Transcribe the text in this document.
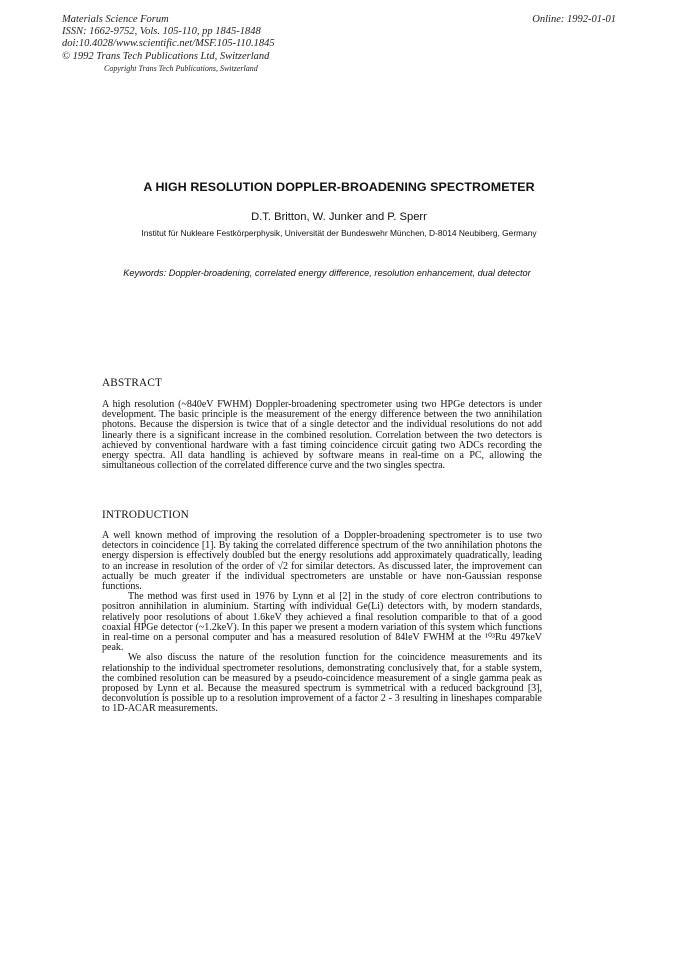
Materials Science Forum
ISSN: 1662-9752, Vols. 105-110, pp 1845-1848
doi:10.4028/www.scientific.net/MSF.105-110.1845
© 1992 Trans Tech Publications Ltd, Switzerland
Copyright Trans Tech Publications, Switzerland
Online: 1992-01-01
A HIGH RESOLUTION DOPPLER-BROADENING SPECTROMETER
D.T. Britton, W. Junker and P. Sperr
Institut für Nukleare Festkörperphysik, Universität der Bundeswehr München, D-8014 Neubiberg, Germany
Keywords: Doppler-broadening, correlated energy difference, resolution enhancement, dual detector
ABSTRACT

A high resolution (~840eV FWHM) Doppler-broadening spectrometer using two HPGe detectors is under development. The basic principle is the measurement of the energy difference between the two annihilation photons. Because the dispersion is twice that of a single detector and the individual resolutions do not add linearly there is a significant increase in the combined resolution. Correlation between the two detectors is achieved by conventional hardware with a fast timing coincidence circuit gating two ADCs recording the energy spectra. All data handling is achieved by software means in real-time on a PC, allowing the simultaneous collection of the correlated difference curve and the two singles spectra.

INTRODUCTION

A well known method of improving the resolution of a Doppler-broadening spectrometer is to use two detectors in coincidence [1]. By taking the correlated difference spectrum of the two annihilation photons the energy dispersion is effectively doubled but the energy resolutions add approximately quadratically, leading to an increase in resolution of the order of √2 for similar detectors. As discussed later, the improvement can actually be much greater if the individual spectrometers are unstable or have non-Gaussian response functions.

The method was first used in 1976 by Lynn et al [2] in the study of core electron contributions to positron annihilation in aluminium. Starting with individual Ge(Li) detectors with, by modern standards, relatively poor resolutions of about 1.6keV they achieved a final resolution comparible to that of a good coaxial HPGe detector (~1.2keV). In this paper we present a modern variation of this system which functions in real-time on a personal computer and has a measured resolution of 84leV FWHM at the ¹⁰³Ru 497keV peak.

We also discuss the nature of the resolution function for the coincidence measurements and its relationship to the individual spectrometer resolutions, demonstrating conclusively that, for a stable system, the combined resolution can be measured by a pseudo-coincidence measurement of a single gamma peak as proposed by Lynn et al. Because the measured spectrum is symmetrical with a reduced background [3], deconvolution is possible up to a resolution improvement of a factor 2 - 3 resulting in lineshapes comparable to 1D-ACAR measurements.
